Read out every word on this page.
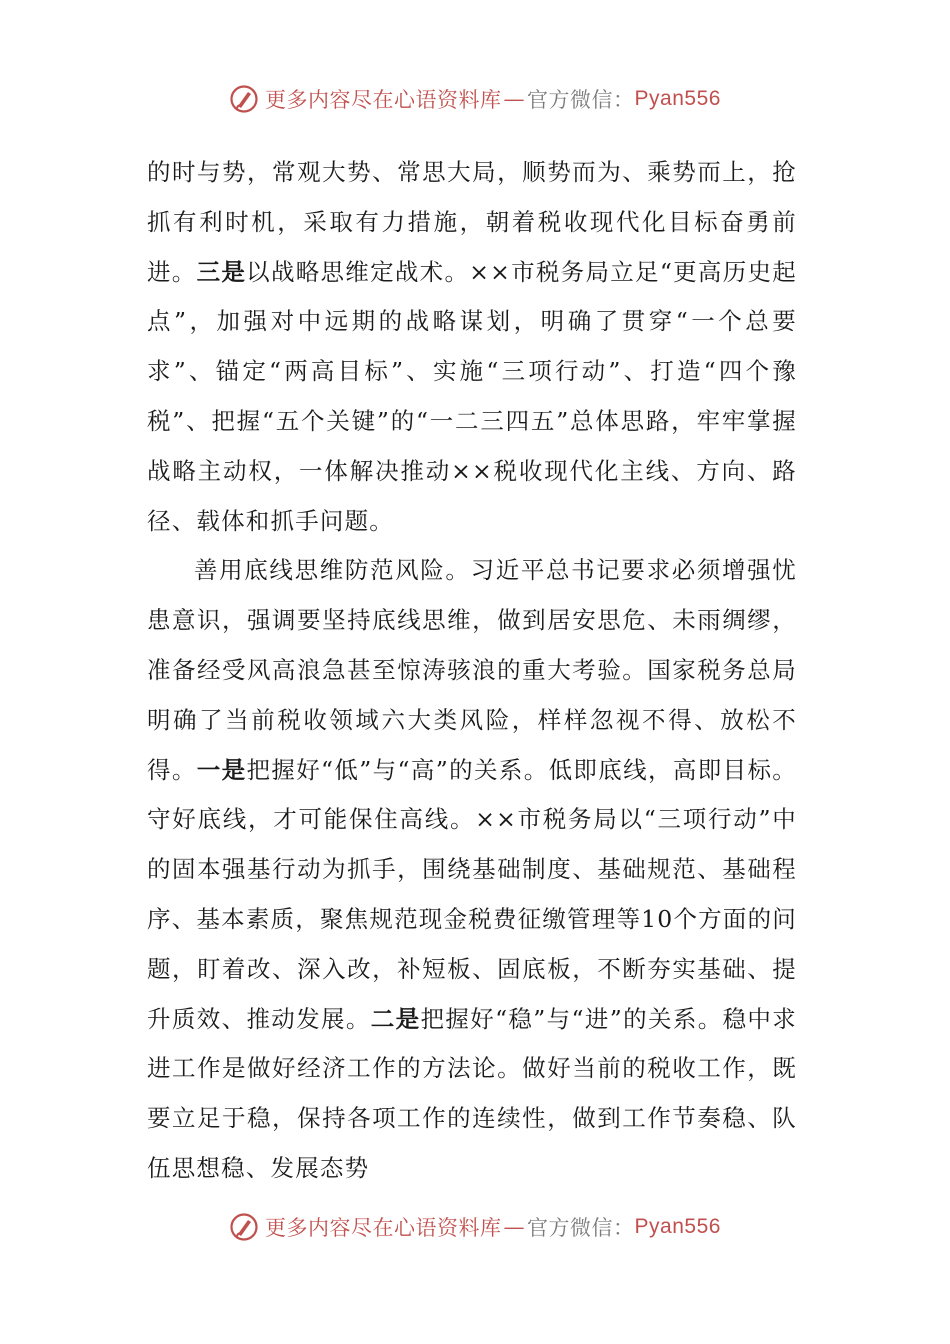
更多内容尽在心语资料库 — 官方微信： Pyan556

的时与势，常观大势、常思大局，顺势而为、乘势而上，抢抓有利时机，采取有力措施，朝着税收现代化目标奋勇前进。三是以战略思维定战术。××市税务局立足“更高历史起点”，加强对中远期的战略谋划，明确了贯穿“一个总要求”、锚定“两高目标”、实施“三项行动”、打造“四个豫税”、把握“五个关键”的“一二三四五”总体思路，牢牢掌握战略主动权，一体解决推动××税收现代化主线、方向、路径、载体和抓手问题。

善用底线思维防范风险。习近平总书记要求必须增强忧患意识，强调要坚持底线思维，做到居安思危、未雨绸缪，准备经受风高浪急甚至惊涛骇浪的重大考验。国家税务总局明确了当前税收领域六大类风险，样样忽视不得、放松不得。一是把握好“低”与“高”的关系。低即底线，高即目标。守好底线，才可能保住高线。××市税务局以“三项行动”中的固本强基行动为抓手，围绕基础制度、基础规范、基础程序、基本素质，聚焦规范现金税费征缴管理等10个方面的问题，盯着改、深入改，补短板、固底板，不断夯实基础、提升质效、推动发展。二是把握好“稳”与“进”的关系。稳中求进工作是做好经济工作的方法论。做好当前的税收工作，既要立足于稳，保持各项工作的连续性，做到工作节奏稳、队伍思想稳、发展态势

更多内容尽在心语资料库 — 官方微信： Pyan556
